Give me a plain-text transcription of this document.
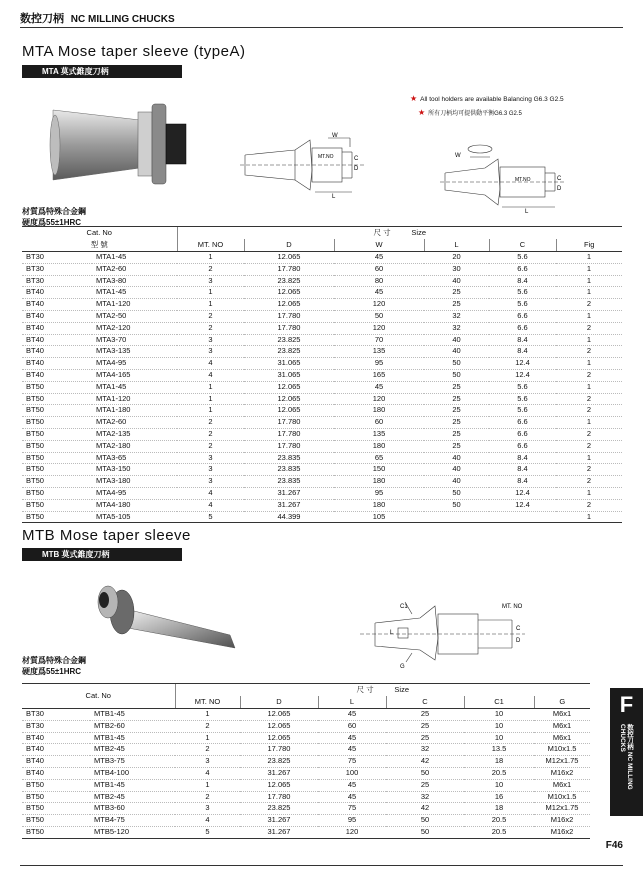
数控刀柄 NC MILLING CHUCKS
MTA Mose taper sleeve (typeA)
MTA 莫式錐度刀柄
★ All tool holders are available Balancing G6.3 G2.5
★ 所有刀柄均可提供動平衡G6.3 G2.5
W
L
C
D
MT.NO	W
L
C
D
MT.NO
材質爲特殊合金鋼
硬度爲55±1HRC
Cat. No		尺 寸 Size					
型 號		MT. NO	D	W	L	C	Fig
BT30	MTA1-45	1	12.065	45	20	5.6	1
BT30	MTA2-60	2	17.780	60	30	6.6	1
BT30	MTA3-80	3	23.825	80	40	8.4	1
BT40	MTA1-45	1	12.065	45	25	5.6	1
BT40	MTA1-120	1	12.065	120	25	5.6	2
BT40	MTA2-50	2	17.780	50	32	6.6	1
BT40	MTA2-120	2	17.780	120	32	6.6	2
BT40	MTA3-70	3	23.825	70	40	8.4	1
BT40	MTA3-135	3	23.825	135	40	8.4	2
BT40	MTA4-95	4	31.065	95	50	12.4	1
BT40	MTA4-165	4	31.065	165	50	12.4	2
BT50	MTA1-45	1	12.065	45	25	5.6	1
BT50	MTA1-120	1	12.065	120	25	5.6	2
BT50	MTA1-180	1	12.065	180	25	5.6	2
BT50	MTA2-60	2	17.780	60	25	6.6	1
BT50	MTA2-135	2	17.780	135	25	6.6	2
BT50	MTA2-180	2	17.780	180	25	6.6	2
BT50	MTA3-65	3	23.835	65	40	8.4	1
BT50	MTA3-150	3	23.835	150	40	8.4	2
BT50	MTA3-180	3	23.835	180	40	8.4	2
BT50	MTA4-95	4	31.267	95	50	12.4	1
BT50	MTA4-180	4	31.267	180	50	12.4	2
BT50	MTA5-105	5	44.399	105			1
MTB Mose taper sleeve
MTB 莫式錐度刀柄
C1	MT. NO
G
L
C
D
材質爲特殊合金鋼
硬度爲55±1HRC
Cat. No		尺 寸 Size					
		MT. NO	D	L	C	C1	G
BT30	MTB1-45	1	12.065	45	25	10	M6x1
BT30	MTB2-60	2	12.065	60	25	10	M6x1
BT40	MTB1-45	1	12.065	45	25	10	M6x1
BT40	MTB2-45	2	17.780	45	32	13.5	M10x1.5
BT40	MTB3-75	3	23.825	75	42	18	M12x1.75
BT40	MTB4-100	4	31.267	100	50	20.5	M16x2
BT50	MTB1-45	1	12.065	45	25	10	M6x1
BT50	MTB2-45	2	17.780	45	32	16	M10x1.5
BT50	MTB3-60	3	23.825	75	42	18	M12x1.75
BT50	MTB4-75	4	31.267	95	50	20.5	M16x2
BT50	MTB5-120	5	31.267	120	50	20.5	M16x2
F
数控刀柄 NC MILLING CHUCKS
F46
